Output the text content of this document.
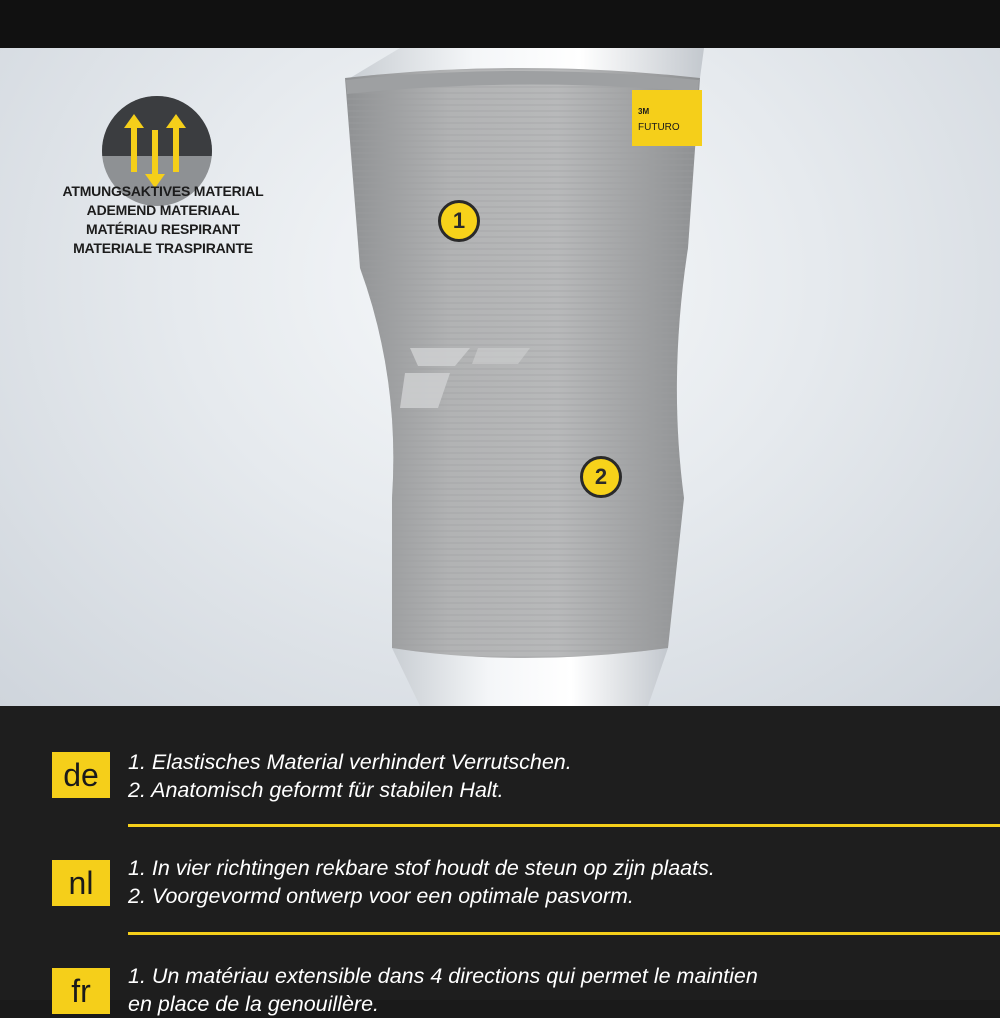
ATMUNGSAKTIVES MATERIAL
ADEMEND MATERIAAL
MATÉRIAU RESPIRANT
MATERIALE TRASPIRANTE
3M
FUTURO
1
2
de	1. Elastisches Material verhindert Verrutschen.
2. Anatomisch geformt für stabilen Halt.
nl	1. In vier richtingen rekbare stof houdt de steun op zijn plaats.
2. Voorgevormd ontwerp voor een optimale pasvorm.
fr	1. Un matériau extensible dans 4 directions qui permet le maintien
en place de la genouillère.
